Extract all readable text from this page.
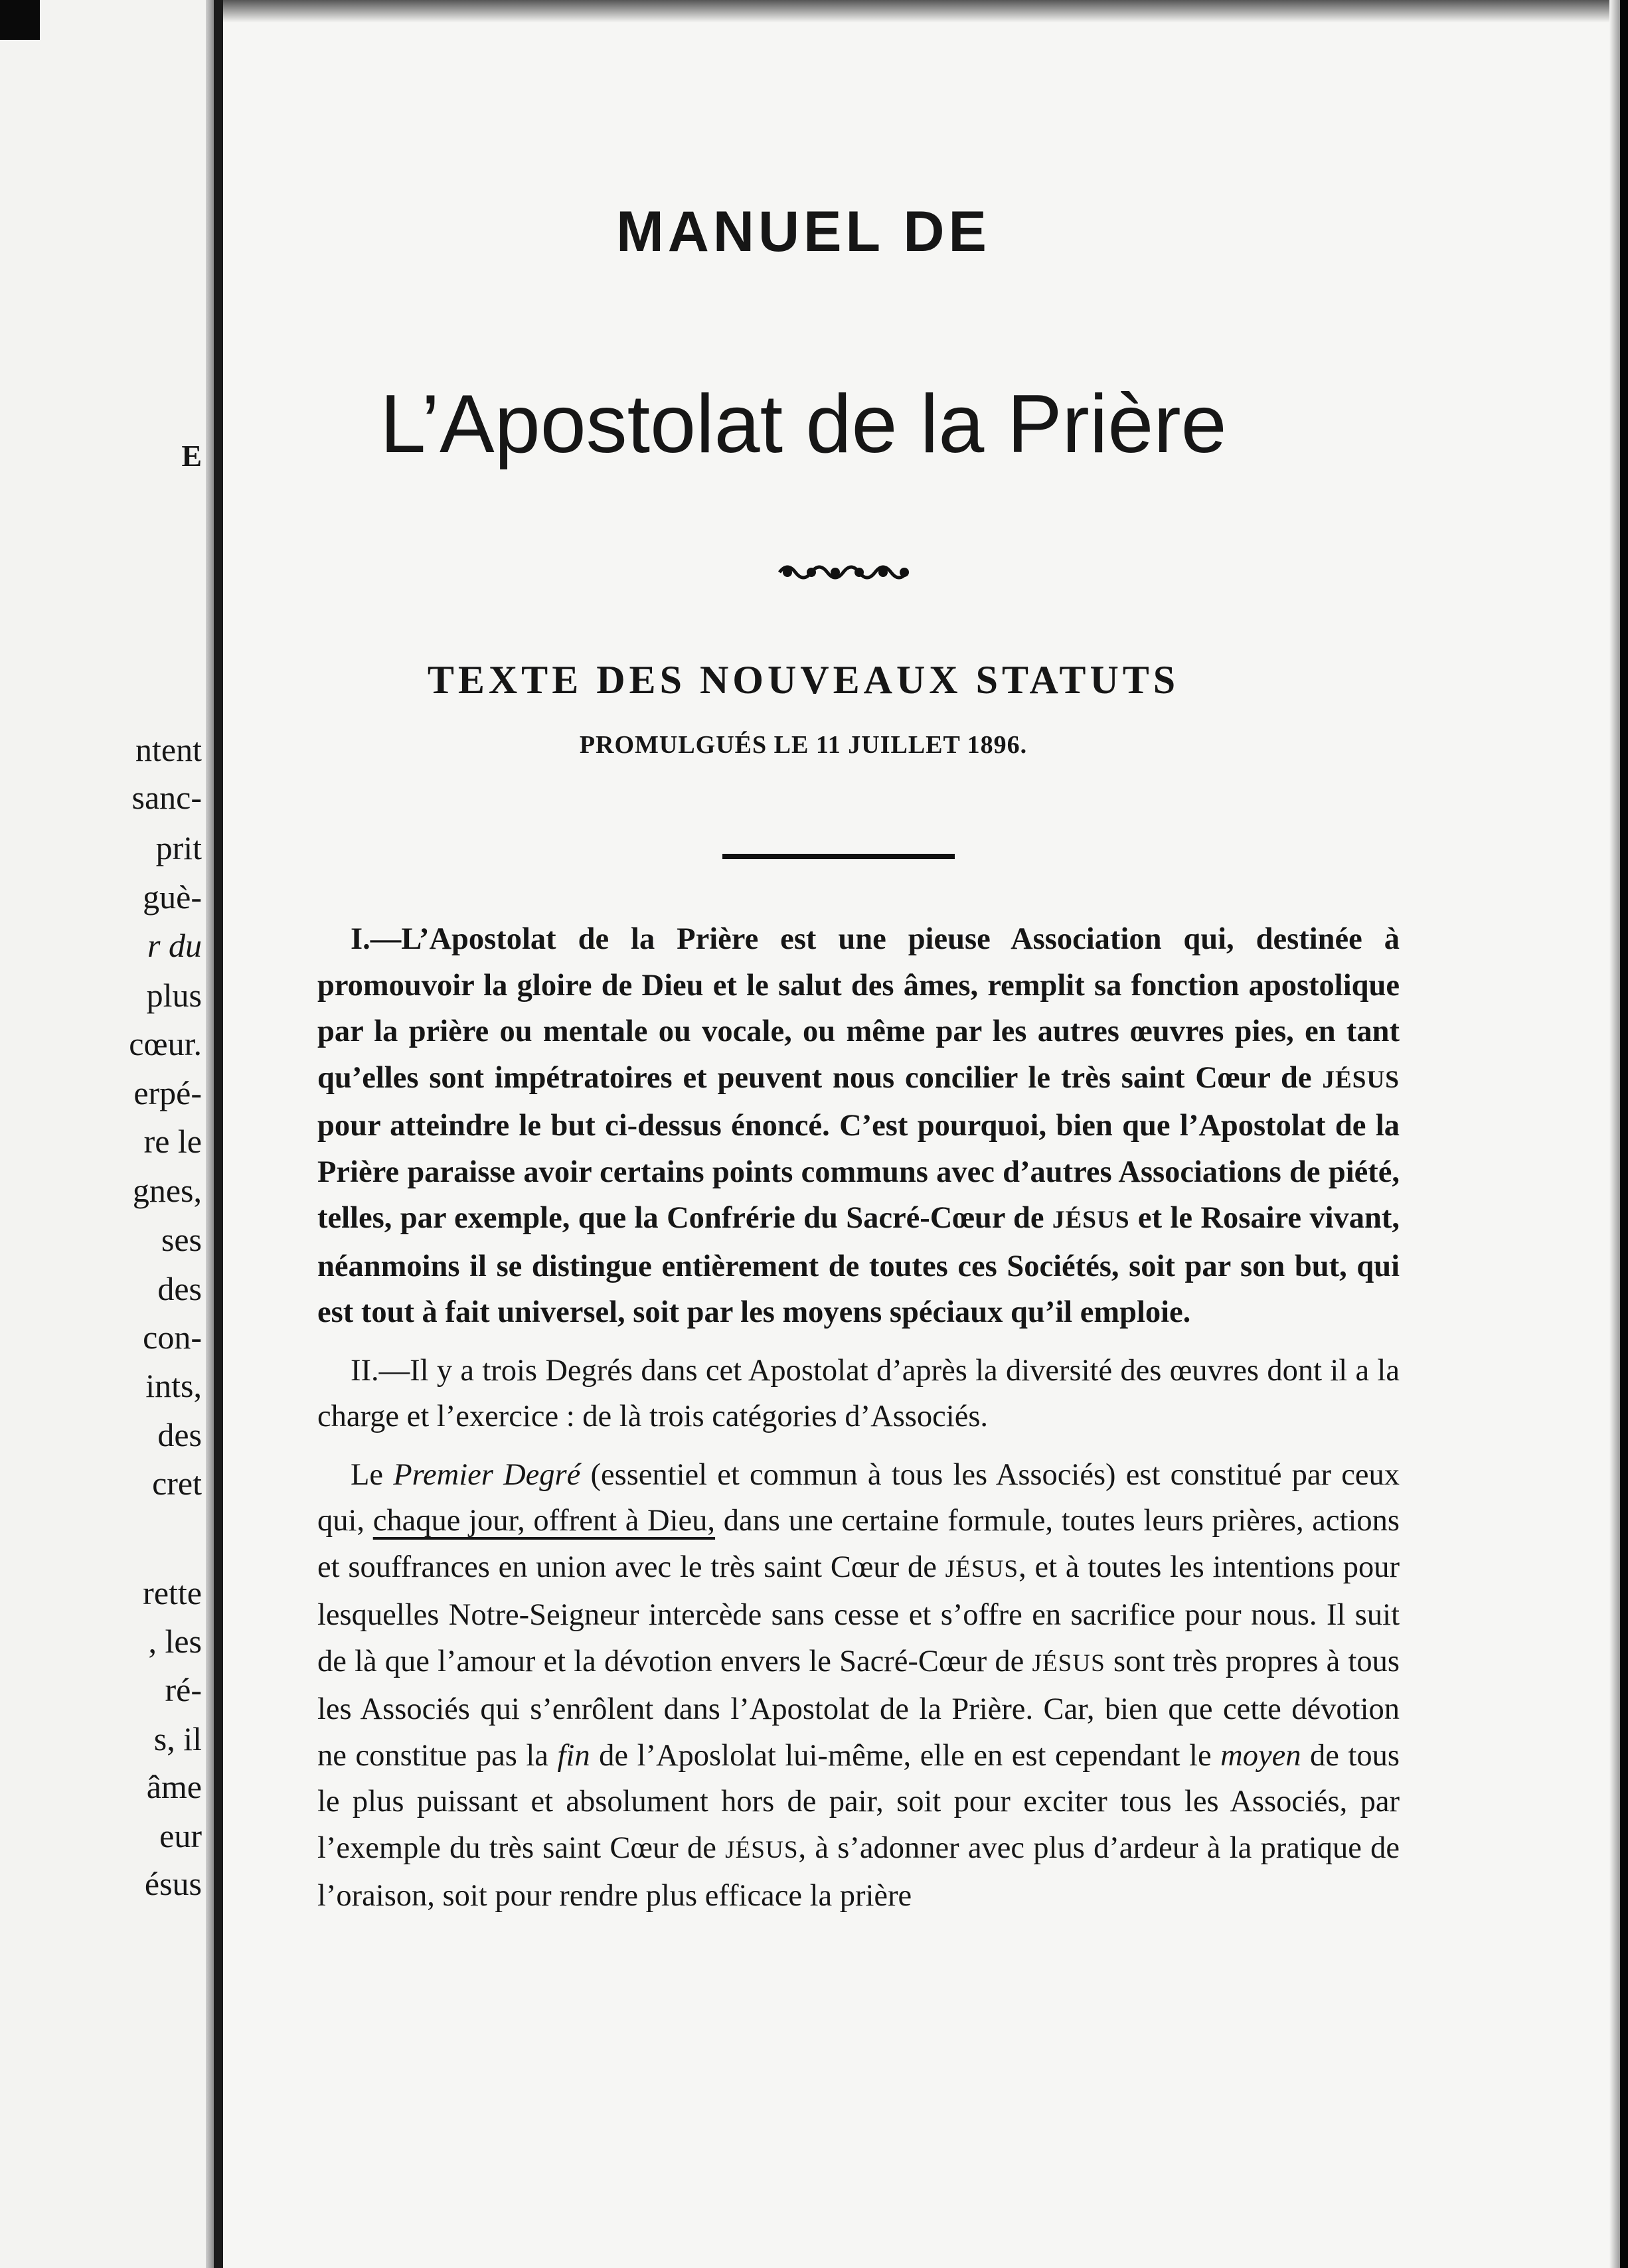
E
ntent
sanc-
prit
guè-
r du
plus
cœur.
erpé-
re le
gnes,
ses
des
con-
ints,
des
cret
rette
, les
ré-
s, il
âme
eur
ésus
MANUEL DE
L’Apostolat de la Prière
TEXTE DES NOUVEAUX STATUTS
PROMULGUÉS LE 11 JUILLET 1896.

I.—L’Apostolat de la Prière est une pieuse Association qui, destinée à promouvoir la gloire de Dieu et le salut des âmes, remplit sa fonction apostolique par la prière ou mentale ou vocale, ou même par les autres œuvres pies, en tant qu’elles sont impétratoires et peuvent nous concilier le très saint Cœur de JÉSUS pour atteindre le but ci-dessus énoncé. C’est pourquoi, bien que l’Apostolat de la Prière paraisse avoir certains points communs avec d’autres Associations de piété, telles, par exemple, que la Confrérie du Sacré-Cœur de JÉSUS et le Rosaire vivant, néanmoins il se distingue entièrement de toutes ces Sociétés, soit par son but, qui est tout à fait universel, soit par les moyens spéciaux qu’il emploie.

II.—Il y a trois Degrés dans cet Apostolat d’après la diversité des œuvres dont il a la charge et l’exercice : de là trois catégories d’Associés.

Le Premier Degré (essentiel et commun à tous les Associés) est constitué par ceux qui, chaque jour, offrent à Dieu, dans une certaine formule, toutes leurs prières, actions et souffrances en union avec le très saint Cœur de JÉSUS, et à toutes les intentions pour lesquelles Notre-Seigneur intercède sans cesse et s’offre en sacrifice pour nous. Il suit de là que l’amour et la dévotion envers le Sacré-Cœur de JÉSUS sont très propres à tous les Associés qui s’enrôlent dans l’Apostolat de la Prière. Car, bien que cette dévotion ne constitue pas la fin de l’Aposlolat lui-même, elle en est cependant le moyen de tous le plus puissant et absolument hors de pair, soit pour exciter tous les Associés, par l’exemple du très saint Cœur de JÉSUS, à s’adonner avec plus d’ardeur à la pratique de l’oraison, soit pour rendre plus efficace la prière
